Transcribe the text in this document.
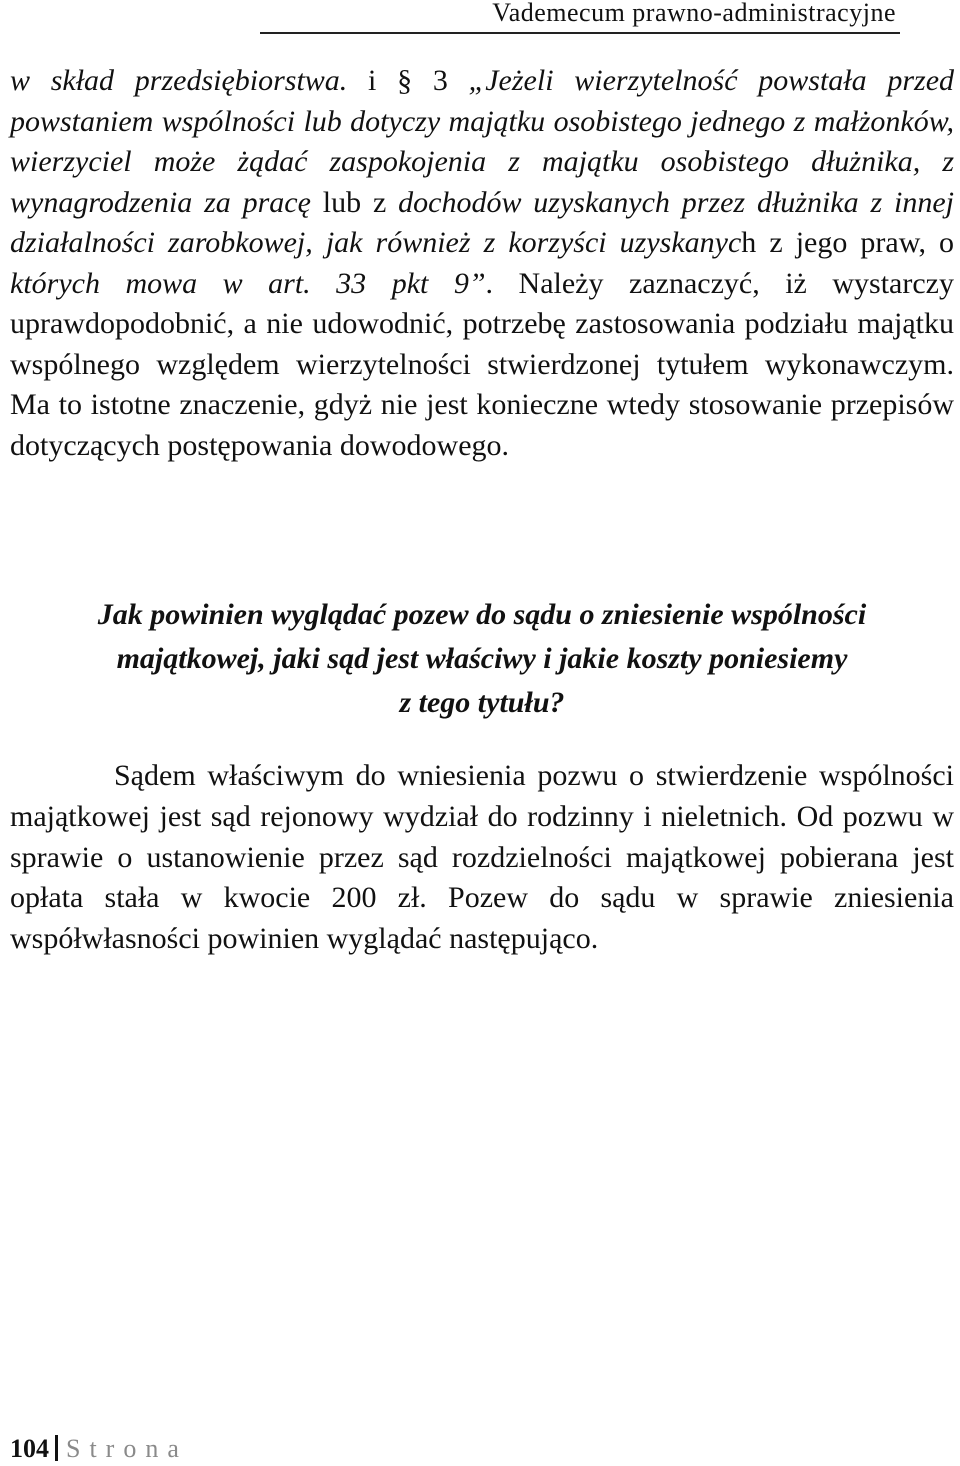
Vademecum prawno-administracyjne

w skład przedsiębiorstwa. i § 3 „Jeżeli wierzytelność powstała przed powstaniem wspólności lub dotyczy majątku osobistego jednego z małżonków, wierzyciel może żądać zaspokojenia z majątku osobistego dłużnika, z wynagrodzenia za pracę lub z dochodów uzyskanych przez dłużnika z innej działalności zarobkowej, jak również z korzyści uzyskanych z jego praw, o których mowa w art. 33 pkt 9”. Należy zaznaczyć, iż wystarczy uprawdopodobnić, a nie udowodnić, potrzebę zastosowania podziału majątku wspólnego względem wierzytelności stwierdzonej tytułem wykonawczym. Ma to istotne znaczenie, gdyż nie jest konieczne wtedy stosowanie przepisów dotyczących postępowania dowodowego.

Jak powinien wyglądać pozew do sądu o zniesienie wspólności
majątkowej, jaki sąd jest właściwy i jakie koszty poniesiemy
z tego tytułu?

Sądem właściwym do wniesienia pozwu o stwierdzenie wspólności majątkowej jest sąd rejonowy wydział do rodzinny i nieletnich. Od pozwu w sprawie o ustanowienie przez sąd rozdzielności majątkowej pobierana jest opłata stała w kwocie 200 zł. Pozew do sądu w sprawie zniesienia współwłasności powinien wyglądać następująco.

104 Strona
